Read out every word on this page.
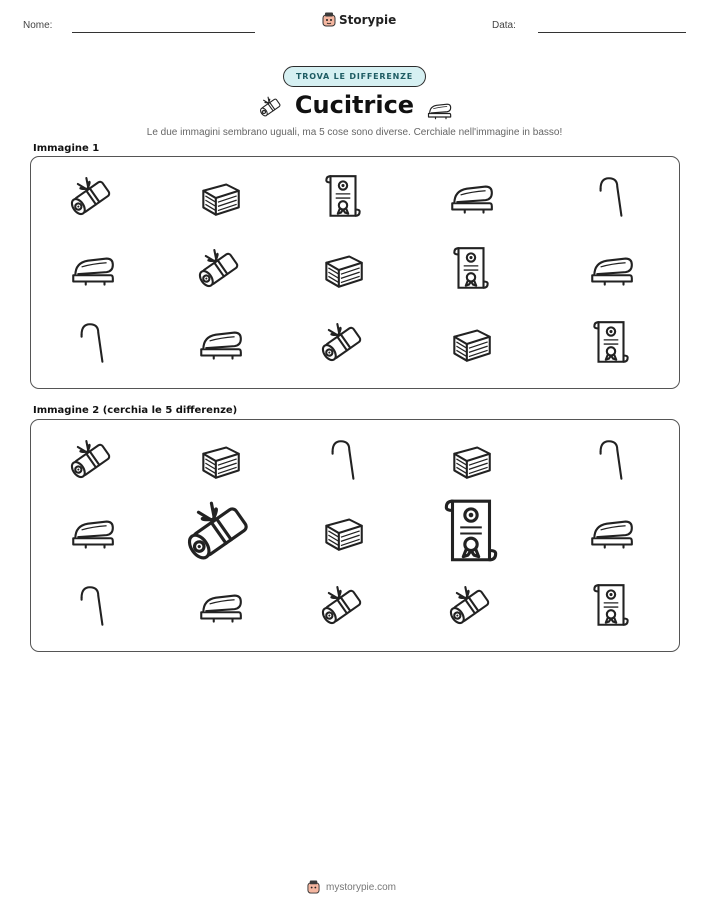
Nome:	Storypie	Data:
TROVA LE DIFFERENZE
Cucitrice
Le due immagini sembrano uguali, ma 5 cose sono diverse. Cerchiale nell'immagine in basso!
Immagine 1
Immagine 2 (cerchia le 5 differenze)
mystorypie.com
